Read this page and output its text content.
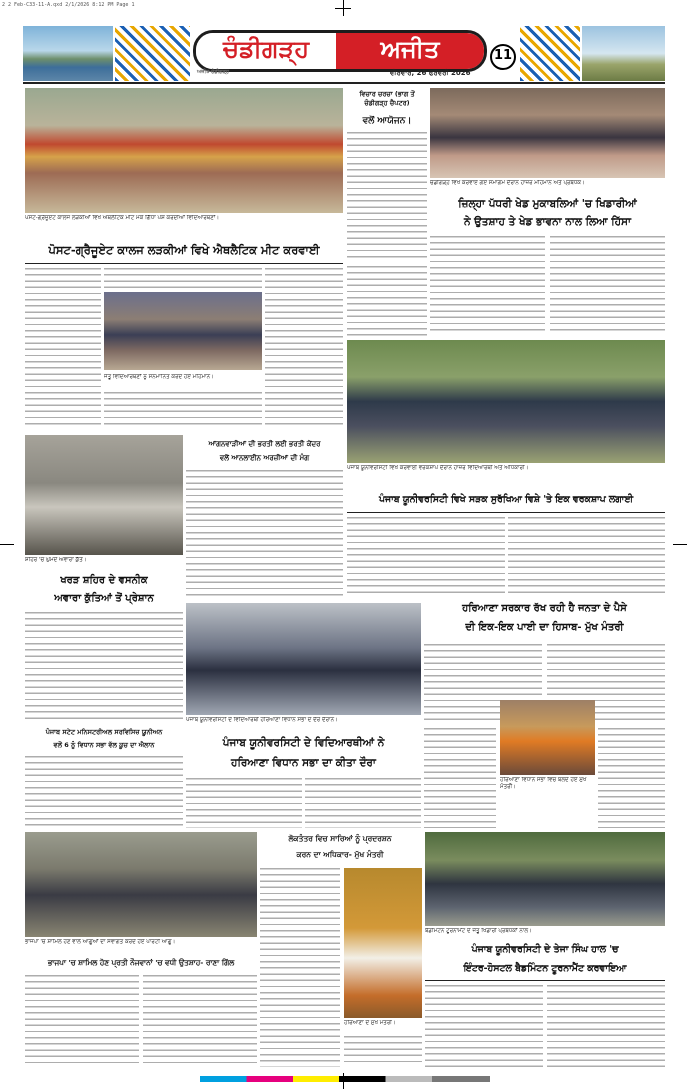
2 2 Feb-C33-11-A.qxd 2/1/2026 8:12 PM Page 1
ਚੰਡੀਗੜ੍ਹ	ਅਜੀਤ	11
ਅਜੀਤ ਚੰਡੀਗੜ੍ਹ	ਵੀਰਵਾਰ, 26 ਫਰਵਰੀ 2026
ਪੋਸਟ-ਗ੍ਰੈਜੂਏਟ ਕਾਲਜ ਲੜਕੀਆਂ ਵਿਖੇ ਐਥਲੈਟਿਕ ਮੀਟ ਮੌਕੇ ਗਿੱਧਾ ਪੇਸ਼ ਕਰਦੀਆਂ ਵਿਦਿਆਰਥਣਾਂ।
ਪੋਸਟ-ਗ੍ਰੈਜੂਏਟ ਕਾਲਜ ਲੜਕੀਆਂ ਵਿਖੇ ਐਥਲੈਟਿਕ ਮੀਟ ਕਰਵਾਈ
ਜੇਤੂ ਵਿਦਿਆਰਥਣਾਂ ਨੂੰ ਸਨਮਾਨਿਤ ਕਰਦੇ ਹੋਏ ਮਹਿਮਾਨ।
ਵਿਚਾਰ ਚਰਚਾ (ਭਾਗ ਤੋਂ ਚੰਡੀਗੜ੍ਹ ਚੈਪਟਰ)
ਵਲੋਂ ਆਯੋਜਨ।
ਚੰਡੀਗੜ੍ਹ ਵਿਖੇ ਕਰਵਾਏ ਗਏ ਸਮਾਗਮ ਦੌਰਾਨ ਹਾਜ਼ਰ ਮਹਿਮਾਨ ਅਤੇ ਪ੍ਰਬੰਧਕ।
ਜ਼ਿਲ੍ਹਾ ਪੱਧਰੀ ਖੇਡ ਮੁਕਾਬਲਿਆਂ 'ਚ ਖਿਡਾਰੀਆਂ
ਨੇ ਉਤਸ਼ਾਹ ਤੇ ਖੇਡ ਭਾਵਨਾ ਨਾਲ ਲਿਆ ਹਿੱਸਾ
ਪੰਜਾਬ ਯੂਨੀਵਰਸਿਟੀ ਵਿਖੇ ਕਰਵਾਈ ਵਰਕਸ਼ਾਪ ਦੌਰਾਨ ਹਾਜ਼ਰ ਵਿਦਿਆਰਥੀ ਅਤੇ ਅਧਿਕਾਰੀ।
ਪੰਜਾਬ ਯੂਨੀਵਰਸਿਟੀ ਵਿਖੇ ਸੜਕ ਸੁਰੱਖਿਆ ਵਿਸ਼ੇ 'ਤੇ ਇਕ ਵਰਕਸ਼ਾਪ ਲਗਾਈ
ਸ਼ਹਿਰ 'ਚ ਘੁੰਮਦੇ ਅਵਾਰਾ ਕੁੱਤੇ।
ਖਰੜ ਸ਼ਹਿਰ ਦੇ ਵਸਨੀਕ
ਅਵਾਰਾ ਕੁੱਤਿਆਂ ਤੋਂ ਪ੍ਰੇਸ਼ਾਨ
ਆਂਗਨਵਾੜੀਆਂ ਦੀ ਭਰਤੀ ਲਈ ਭਰਤੀ ਕੇਂਦਰ
ਵਲੋਂ ਆਨਲਾਈਨ ਅਰਜ਼ੀਆਂ ਦੀ ਮੰਗ
ਪੰਜਾਬ ਸਟੇਟ ਮਨਿਸਟਰੀਅਲ ਸਰਵਿਸਿਜ਼ ਯੂਨੀਅਨ
ਵਲੋਂ 6 ਨੂੰ ਵਿਧਾਨ ਸਭਾ ਵੱਲ ਕੂਚ ਦਾ ਐਲਾਨ
ਪੰਜਾਬ ਯੂਨੀਵਰਸਿਟੀ ਦੇ ਵਿਦਿਆਰਥੀ ਹਰਿਆਣਾ ਵਿਧਾਨ ਸਭਾ ਦੇ ਦੌਰੇ ਦੌਰਾਨ।
ਪੰਜਾਬ ਯੂਨੀਵਰਸਿਟੀ ਦੇ ਵਿਦਿਆਰਥੀਆਂ ਨੇ
ਹਰਿਆਣਾ ਵਿਧਾਨ ਸਭਾ ਦਾ ਕੀਤਾ ਦੌਰਾ
ਹਰਿਆਣਾ ਸਰਕਾਰ ਰੱਖ ਰਹੀ ਹੈ ਜਨਤਾ ਦੇ ਪੈਸੇ
ਦੀ ਇਕ-ਇਕ ਪਾਈ ਦਾ ਹਿਸਾਬ- ਮੁੱਖ ਮੰਤਰੀ
ਹਰਿਆਣਾ ਵਿਧਾਨ ਸਭਾ ਵਿਚ ਬੋਲਦੇ ਹੋਏ ਮੁੱਖ ਮੰਤਰੀ।
ਭਾਜਪਾ 'ਚ ਸ਼ਾਮਿਲ ਹੋਣ ਵਾਲੇ ਆਗੂਆਂ ਦਾ ਸਵਾਗਤ ਕਰਦੇ ਹੋਏ ਪਾਰਟੀ ਆਗੂ।
ਭਾਜਪਾ 'ਚ ਸ਼ਾਮਿਲ ਹੋਣ ਪ੍ਰਤੀ ਨੌਜਵਾਨਾਂ 'ਚ ਵਧੀ ਉਤਸ਼ਾਹ- ਰਾਣਾ ਗਿੱਲ
ਲੋਕਤੰਤਰ ਵਿਚ ਸਾਰਿਆਂ ਨੂੰ ਪ੍ਰਦਰਸ਼ਨ
ਕਰਨ ਦਾ ਅਧਿਕਾਰ- ਮੁੱਖ ਮੰਤਰੀ
ਹਰਿਆਣਾ ਦੇ ਮੁੱਖ ਮੰਤਰੀ।
ਬੈਡਮਿੰਟਨ ਟੂਰਨਾਮੈਂਟ ਦੇ ਜੇਤੂ ਖਿਡਾਰੀ ਪ੍ਰਬੰਧਕਾਂ ਨਾਲ।
ਪੰਜਾਬ ਯੂਨੀਵਰਸਿਟੀ ਦੇ ਤੇਜਾ ਸਿੰਘ ਹਾਲ 'ਚ
ਇੰਟਰ-ਹੋਸਟਲ ਬੈਡਮਿੰਟਨ ਟੂਰਨਾਮੈਂਟ ਕਰਵਾਇਆ
